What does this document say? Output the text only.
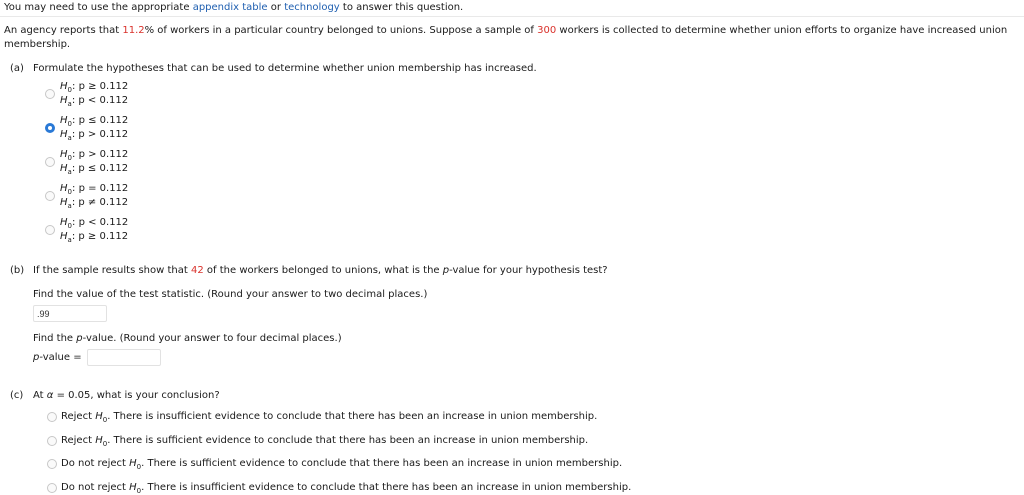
You may need to use the appropriate appendix table or technology to answer this question.
An agency reports that 11.2% of workers in a particular country belonged to unions. Suppose a sample of 300 workers is collected to determine whether union efforts to organize have increased union
membership.
(a) Formulate the hypotheses that can be used to determine whether union membership has increased.
$H_0$: p ≥ 0.112
$H_a$: p < 0.112
$H_0$: p ≤ 0.112
$H_a$: p > 0.112
$H_0$: p > 0.112
$H_a$: p ≤ 0.112
$H_0$: p = 0.112
$H_a$: p ≠ 0.112
$H_0$: p < 0.112
$H_a$: p ≥ 0.112
(b) If the sample results show that 42 of the workers belonged to unions, what is the p-value for your hypothesis test?
Find the value of the test statistic. (Round your answer to two decimal places.)
.99
Find the p-value. (Round your answer to four decimal places.)
p-value =
(c) At α = 0.05, what is your conclusion?
Reject $H_0$. There is insufficient evidence to conclude that there has been an increase in union membership.
Reject $H_0$. There is sufficient evidence to conclude that there has been an increase in union membership.
Do not reject $H_0$. There is sufficient evidence to conclude that there has been an increase in union membership.
Do not reject $H_0$. There is insufficient evidence to conclude that there has been an increase in union membership.
